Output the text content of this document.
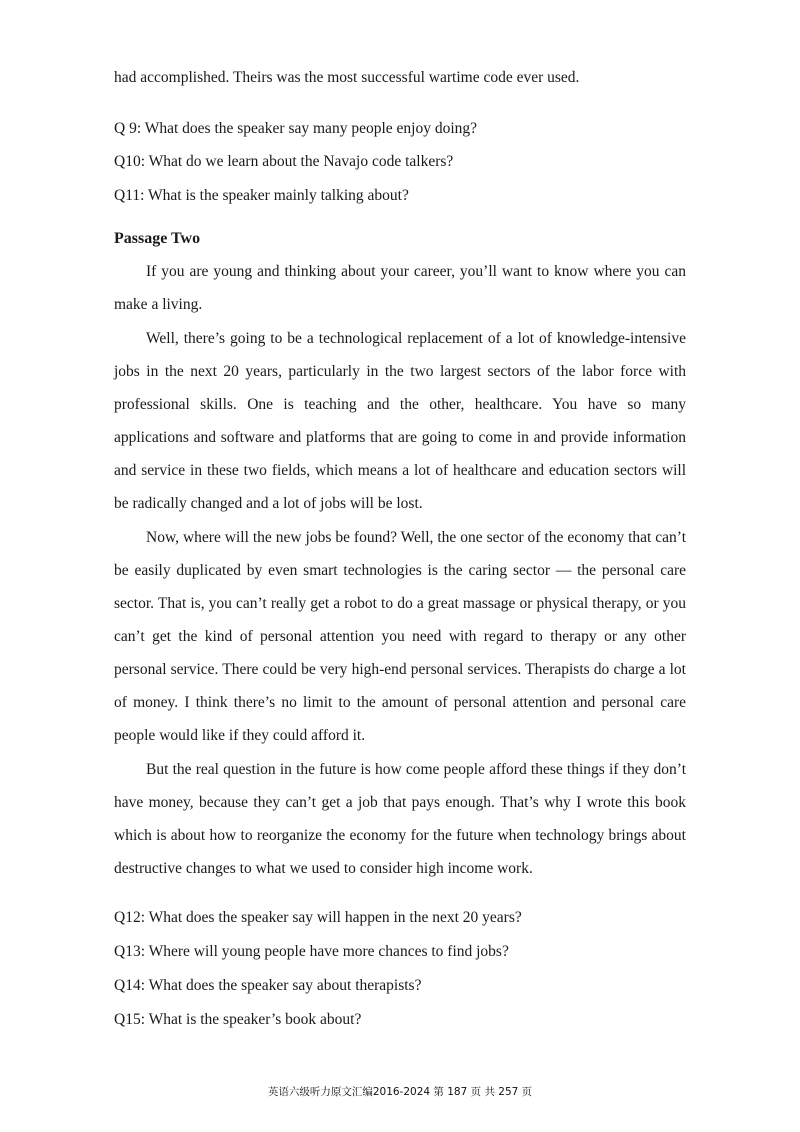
had accomplished. Theirs was the most successful wartime code ever used.
Q 9: What does the speaker say many people enjoy doing?
Q10: What do we learn about the Navajo code talkers?
Q11: What is the speaker mainly talking about?
Passage Two
If you are young and thinking about your career, you’ll want to know where you can
make a living.
Well, there’s going to be a technological replacement of a lot of knowledge-intensive
jobs in the next 20 years, particularly in the two largest sectors of the labor force with
professional skills. One is teaching and the other, healthcare. You have so many
applications and software and platforms that are going to come in and provide information
and service in these two fields, which means a lot of healthcare and education sectors will
be radically changed and a lot of jobs will be lost.
Now, where will the new jobs be found? Well, the one sector of the economy that can’t
be easily duplicated by even smart technologies is the caring sector — the personal care
sector. That is, you can’t really get a robot to do a great massage or physical therapy, or you
can’t get the kind of personal attention you need with regard to therapy or any other
personal service. There could be very high-end personal services. Therapists do charge a lot
of money. I think there’s no limit to the amount of personal attention and personal care
people would like if they could afford it.
But the real question in the future is how come people afford these things if they don’t
have money, because they can’t get a job that pays enough. That’s why I wrote this book
which is about how to reorganize the economy for the future when technology brings about
destructive changes to what we used to consider high income work.
Q12: What does the speaker say will happen in the next 20 years?
Q13: Where will young people have more chances to find jobs?
Q14: What does the speaker say about therapists?
Q15: What is the speaker’s book about?
英语六级听力原文汇编2016-2024 第 187 页 共 257 页
